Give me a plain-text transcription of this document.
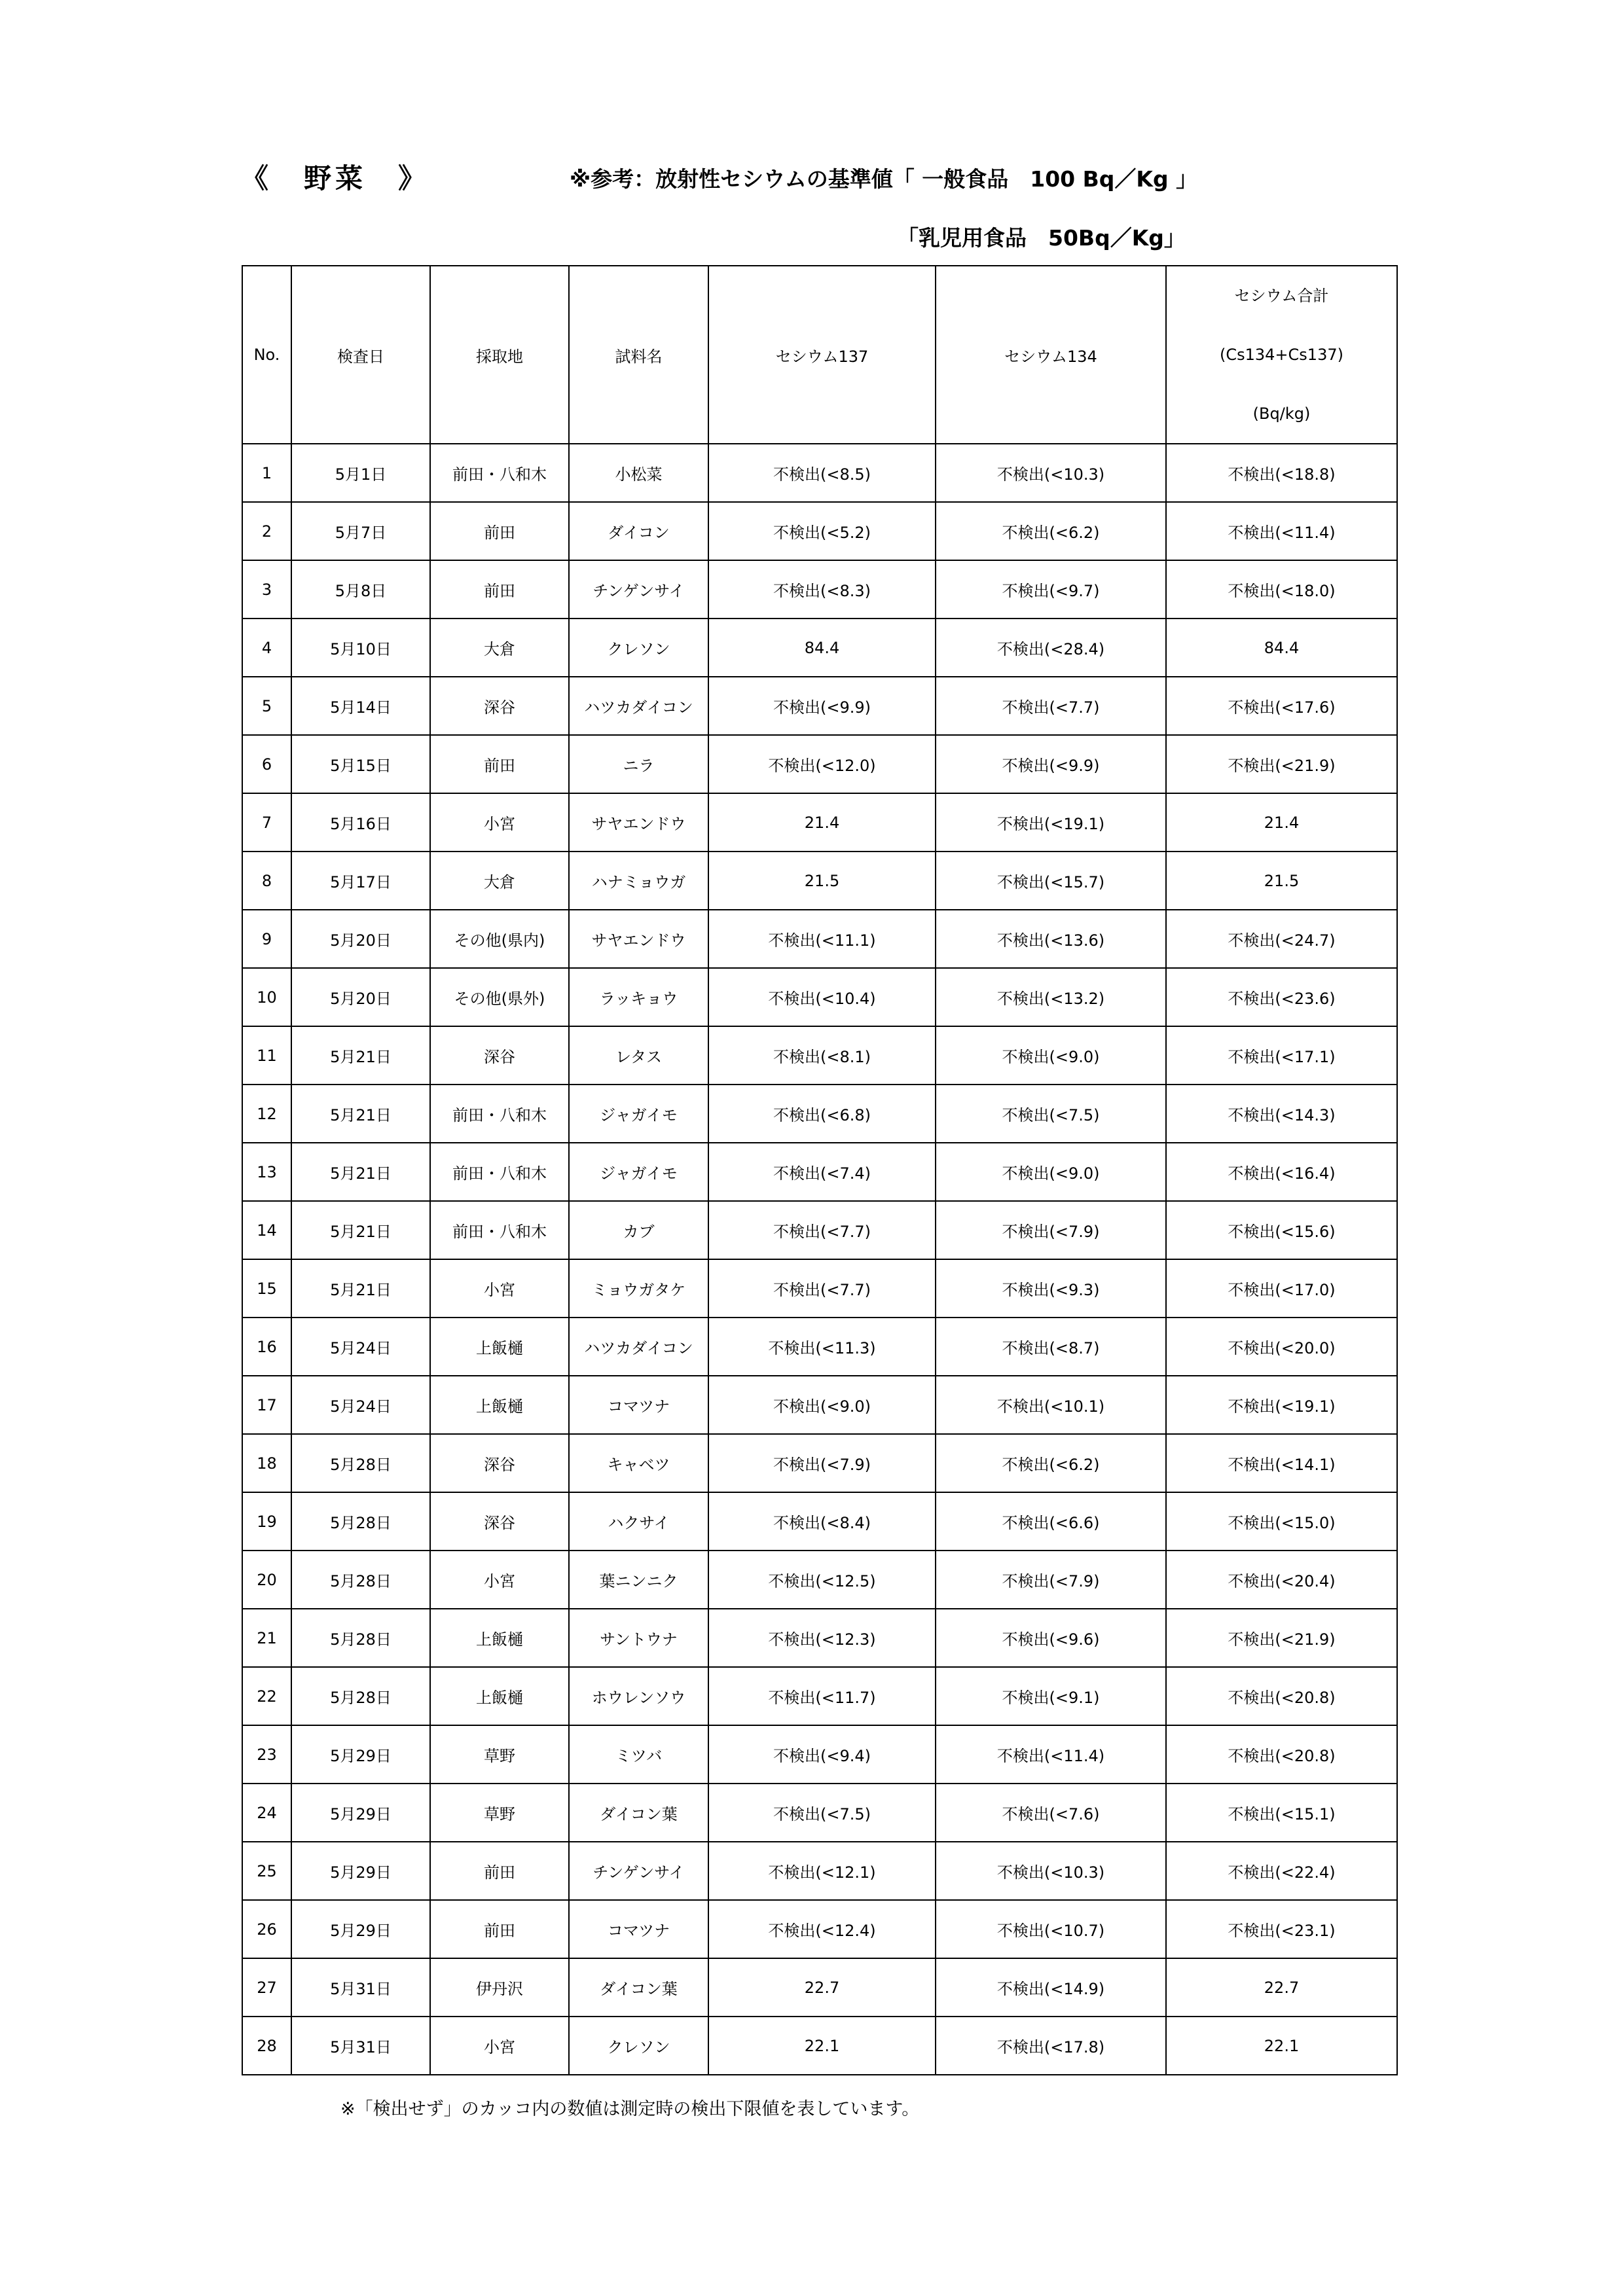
《　野菜　》	※参考：放射性セシウムの基準値「 一般食品　100 Bq／Kg 」
「乳児用食品　50Bq／Kg」
No.	検査日	採取地	試料名	セシウム137	セシウム134	セシウム合計
(Cs134+Cs137)
(Bq/kg)

1	5月1日	前田・八和木	小松菜	不検出(<8.5)	不検出(<10.3)	不検出(<18.8)
2	5月7日	前田	ダイコン	不検出(<5.2)	不検出(<6.2)	不検出(<11.4)
3	5月8日	前田	チンゲンサイ	不検出(<8.3)	不検出(<9.7)	不検出(<18.0)
4	5月10日	大倉	クレソン	84.4	不検出(<28.4)	84.4
5	5月14日	深谷	ハツカダイコン	不検出(<9.9)	不検出(<7.7)	不検出(<17.6)
6	5月15日	前田	ニラ	不検出(<12.0)	不検出(<9.9)	不検出(<21.9)
7	5月16日	小宮	サヤエンドウ	21.4	不検出(<19.1)	21.4
8	5月17日	大倉	ハナミョウガ	21.5	不検出(<15.7)	21.5
9	5月20日	その他(県内)	サヤエンドウ	不検出(<11.1)	不検出(<13.6)	不検出(<24.7)
10	5月20日	その他(県外)	ラッキョウ	不検出(<10.4)	不検出(<13.2)	不検出(<23.6)
11	5月21日	深谷	レタス	不検出(<8.1)	不検出(<9.0)	不検出(<17.1)
12	5月21日	前田・八和木	ジャガイモ	不検出(<6.8)	不検出(<7.5)	不検出(<14.3)
13	5月21日	前田・八和木	ジャガイモ	不検出(<7.4)	不検出(<9.0)	不検出(<16.4)
14	5月21日	前田・八和木	カブ	不検出(<7.7)	不検出(<7.9)	不検出(<15.6)
15	5月21日	小宮	ミョウガタケ	不検出(<7.7)	不検出(<9.3)	不検出(<17.0)
16	5月24日	上飯樋	ハツカダイコン	不検出(<11.3)	不検出(<8.7)	不検出(<20.0)
17	5月24日	上飯樋	コマツナ	不検出(<9.0)	不検出(<10.1)	不検出(<19.1)
18	5月28日	深谷	キャベツ	不検出(<7.9)	不検出(<6.2)	不検出(<14.1)
19	5月28日	深谷	ハクサイ	不検出(<8.4)	不検出(<6.6)	不検出(<15.0)
20	5月28日	小宮	葉ニンニク	不検出(<12.5)	不検出(<7.9)	不検出(<20.4)
21	5月28日	上飯樋	サントウナ	不検出(<12.3)	不検出(<9.6)	不検出(<21.9)
22	5月28日	上飯樋	ホウレンソウ	不検出(<11.7)	不検出(<9.1)	不検出(<20.8)
23	5月29日	草野	ミツバ	不検出(<9.4)	不検出(<11.4)	不検出(<20.8)
24	5月29日	草野	ダイコン葉	不検出(<7.5)	不検出(<7.6)	不検出(<15.1)
25	5月29日	前田	チンゲンサイ	不検出(<12.1)	不検出(<10.3)	不検出(<22.4)
26	5月29日	前田	コマツナ	不検出(<12.4)	不検出(<10.7)	不検出(<23.1)
27	5月31日	伊丹沢	ダイコン葉	22.7	不検出(<14.9)	22.7
28	5月31日	小宮	クレソン	22.1	不検出(<17.8)	22.1
※「検出せず」のカッコ内の数値は測定時の検出下限値を表しています。
